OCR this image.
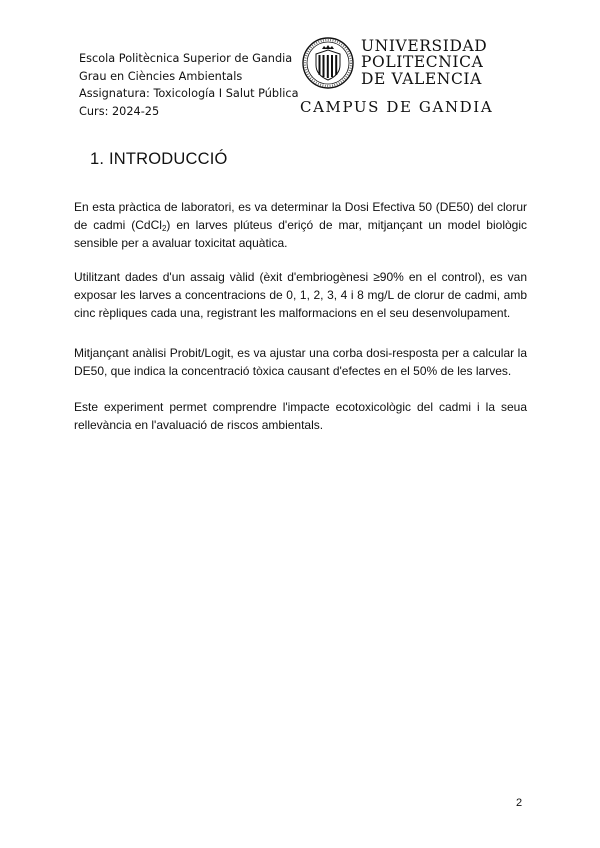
Escola Politècnica Superior de Gandia
Grau en Ciències Ambientals
Assignatura: Toxicología I Salut Pública
Curs: 2024-25
UNIVERSIDAD
POLITECNICA
DE VALENCIA
CAMPUS DE GANDIA
1. INTRODUCCIÓ

En esta pràctica de laboratori, es va determinar la Dosi Efectiva 50 (DE50) del clorur de cadmi (CdCl$_2$) en larves plúteus d'eriçó de mar, mitjançant un model biològic sensible per a avaluar toxicitat aquàtica.

Utilitzant dades d'un assaig vàlid (èxit d'embriogènesi ≥90% en el control), es van exposar les larves a concentracions de 0, 1, 2, 3, 4 i 8 mg/L de clorur de cadmi, amb cinc rèpliques cada una, registrant les malformacions en el seu desenvolupament.

Mitjançant anàlisi Probit/Logit, es va ajustar una corba dosi-resposta per a calcular la DE50, que indica la concentració tòxica causant d'efectes en el 50% de les larves.

Este experiment permet comprendre l'impacte ecotoxicològic del cadmi i la seua rellevància en l'avaluació de riscos ambientals.

2
